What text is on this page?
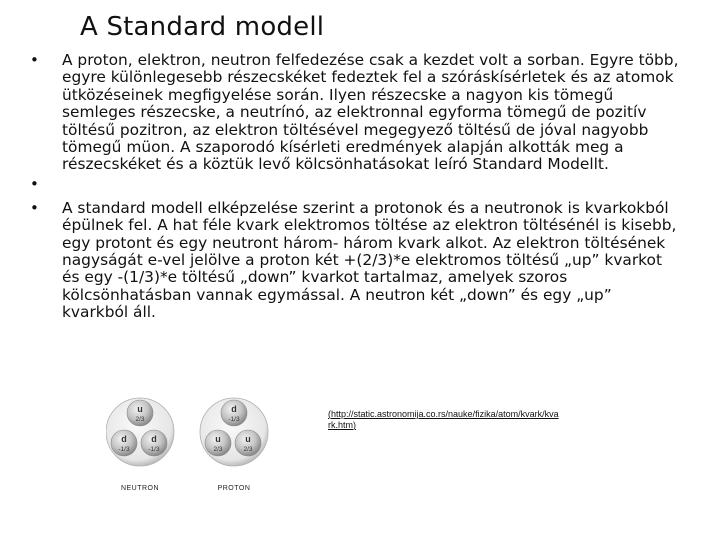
A Standard modell
• A proton, elektron, neutron felfedezése csak a kezdet volt a sorban. Egyre több, egyre különlegesebb részecskéket fedeztek fel a szóráskísérletek és az atomok ütközéseinek megfigyelése során. Ilyen részecske a nagyon kis tömegű semleges részecske, a neutrínó, az elektronnal egyforma tömegű de pozitív töltésű pozitron, az elektron töltésével megegyező töltésű de jóval nagyobb tömegű müon. A szaporodó kísérleti eredmények alapján alkották meg a részecskéket és a köztük levő kölcsönhatásokat leíró Standard Modellt.
•
• A standard modell elképzelése szerint a protonok és a neutronok is kvarkokból épülnek fel. A hat féle kvark elektromos töltése az elektron töltésénél is kisebb, egy protont és egy neutront három- három kvark alkot. Az elektron töltésének nagyságát e-vel jelölve a proton két +(2/3)*e elektromos töltésű „up” kvarkot és egy -(1/3)*e töltésű „down” kvarkot tartalmaz, amelyek szoros kölcsönhatásban vannak egymással. A neutron két „down” és egy „up” kvarkból áll.
u
2/3
d
-1/3
d
-1/3
NEUTRON
d
-1/3
u
2/3
u
2/3
PROTON
(http://static.astronomija.co.rs/nauke/fizika/atom/kvark/kva
rk.htm)
